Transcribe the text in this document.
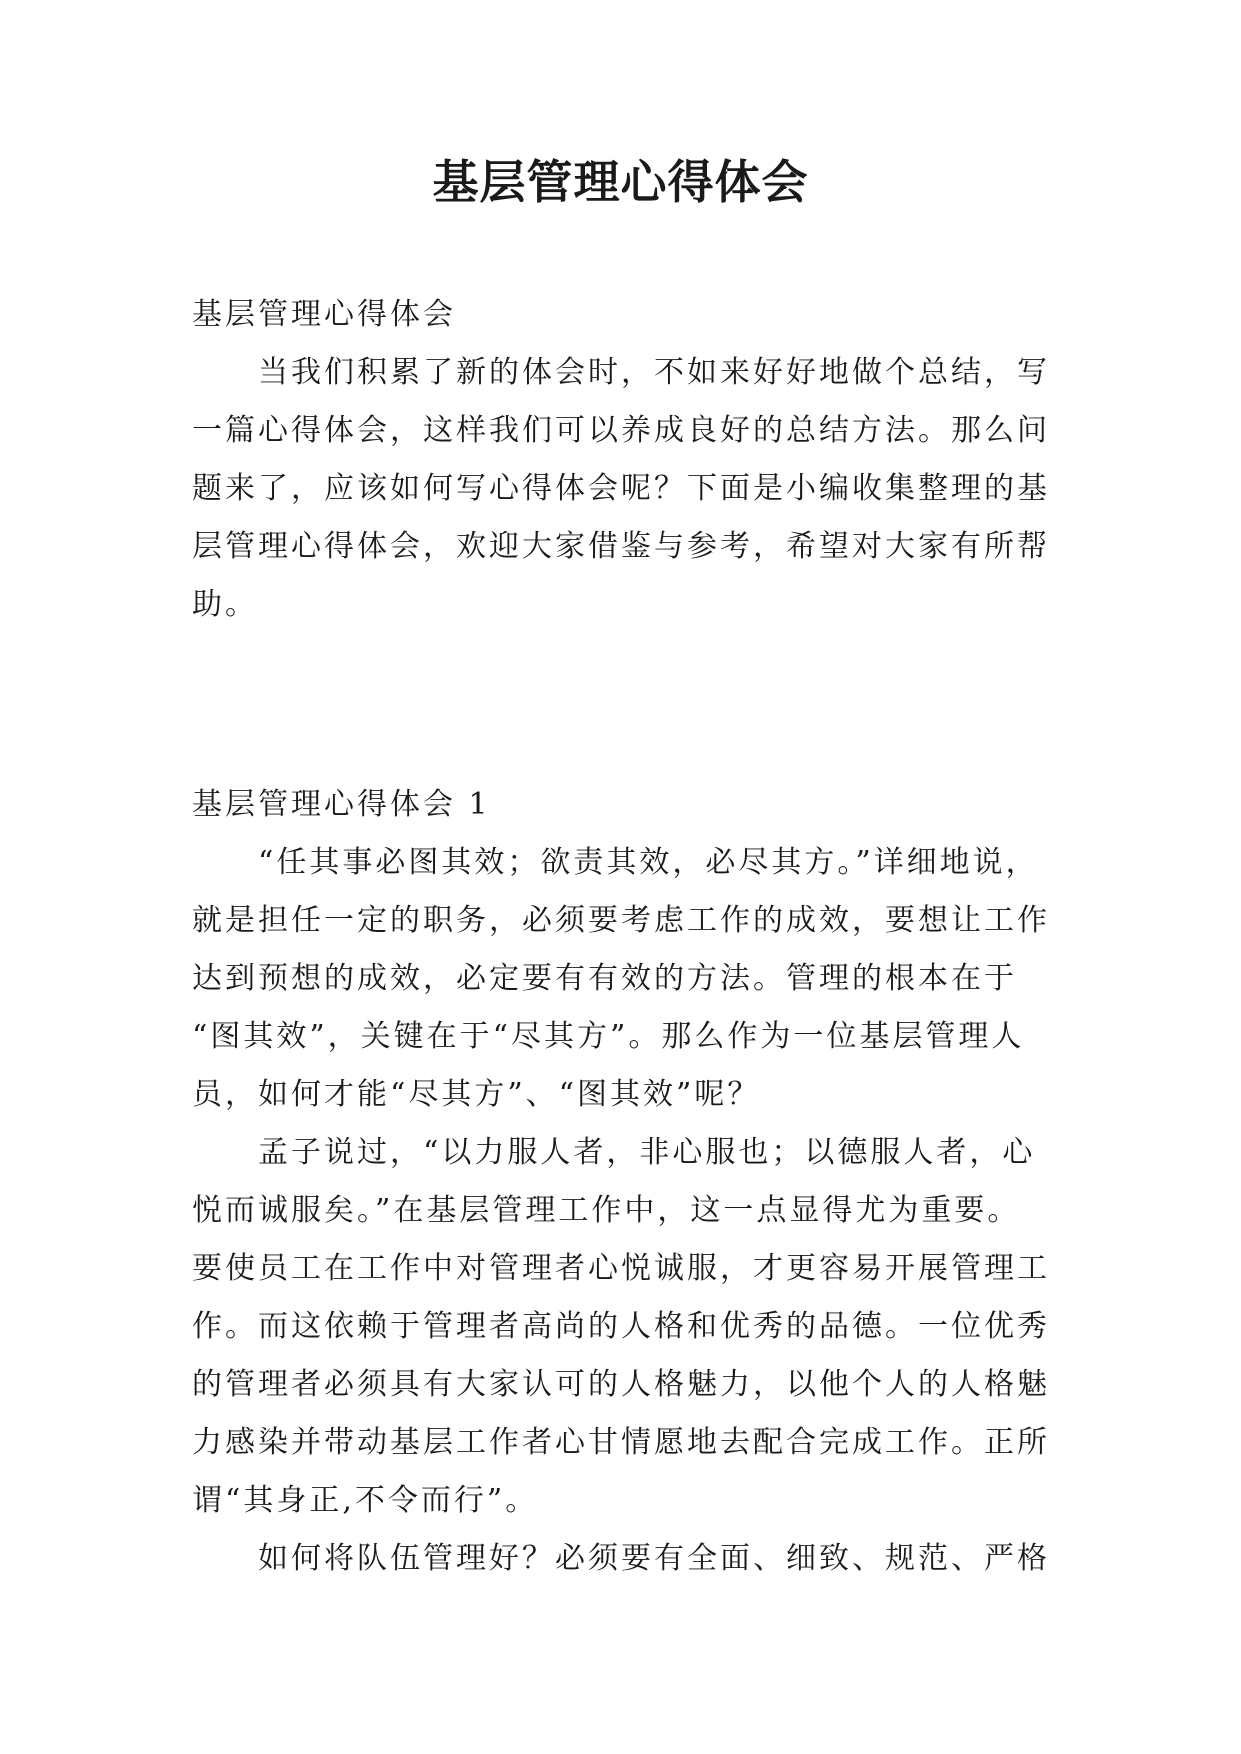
基层管理心得体会
基层管理心得体会
当我们积累了新的体会时，不如来好好地做个总结，写
一篇心得体会，这样我们可以养成良好的总结方法。那么问
题来了，应该如何写心得体会呢？下面是小编收集整理的基
层管理心得体会，欢迎大家借鉴与参考，希望对大家有所帮
助。
基层管理心得体会 1
“任其事必图其效；欲责其效，必尽其方。”详细地说，
就是担任一定的职务，必须要考虑工作的成效，要想让工作
达到预想的成效，必定要有有效的方法。管理的根本在于
“图其效”，关键在于“尽其方”。那么作为一位基层管理人
员，如何才能“尽其方”、“图其效”呢？
孟子说过，“以力服人者，非心服也；以德服人者，心
悦而诚服矣。”在基层管理工作中，这一点显得尤为重要。
要使员工在工作中对管理者心悦诚服，才更容易开展管理工
作。而这依赖于管理者高尚的人格和优秀的品德。一位优秀
的管理者必须具有大家认可的人格魅力，以他个人的人格魅
力感染并带动基层工作者心甘情愿地去配合完成工作。正所
谓“其身正,不令而行”。
如何将队伍管理好？必须要有全面、细致、规范、严格
